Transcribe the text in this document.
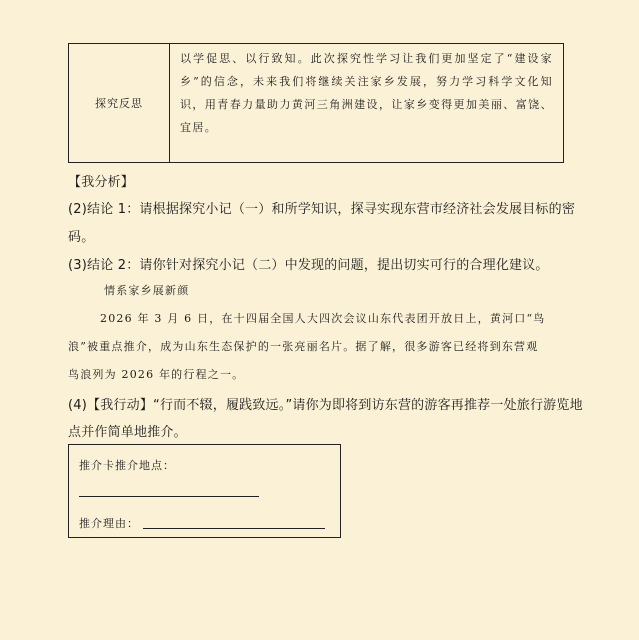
探究反思
以学促思、以行致知。此次探究性学习让我们更加坚定了“建设家乡”的信念，未来我们将继续关注家乡发展，努力学习科学文化知识，用青春力量助力黄河三角洲建设，让家乡变得更加美丽、富饶、宜居。
【我分析】
(2)结论 1：请根据探究小记（一）和所学知识，探寻实现东营市经济社会发展目标的密
码。
(3)结论 2：请你针对探究小记（二）中发现的问题，提出切实可行的合理化建议。
情系家乡展新颜
2026 年 3 月 6 日，在十四届全国人大四次会议山东代表团开放日上，黄河口“鸟
浪”被重点推介，成为山东生态保护的一张亮丽名片。据了解，很多游客已经将到东营观
鸟浪列为 2026 年的行程之一。
(4)【我行动】“行而不辍，履践致远。”请你为即将到访东营的游客再推荐一处旅行游览地
点并作简单地推介。
推介卡推介地点：
推介理由：
